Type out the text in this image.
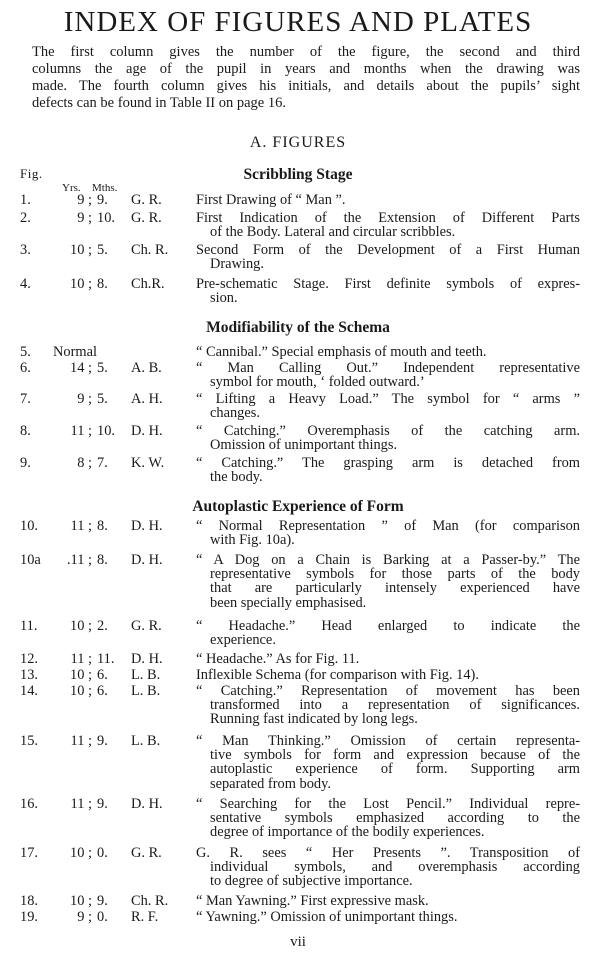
INDEX OF FIGURES AND PLATES

The first column gives the number of the figure, the second and third
columns the age of the pupil in years and months when the drawing was
made. The fourth column gives his initials, and details about the pupils’ sight
defects can be found in Table II on page 16.

A. FIGURES
Fig.
Yrs. Mths.
Scribbling Stage
1.	9 ; 9.	G. R.	First Drawing of “ Man ”.
2.	9 ; 10.	G. R.	First Indication of the Extension of Different Parts
of the Body. Lateral and circular scribbles.
3.	10 ; 5.	Ch. R.	Second Form of the Development of a First Human
Drawing.
4.	10 ; 8.	Ch.R.	Pre-schematic Stage. First definite symbols of expres-
sion.
Modifiability of the Schema
5.	Normal	“ Cannibal.” Special emphasis of mouth and teeth.
6.	14 ; 5.	A. B.	“ Man Calling Out.” Independent representative
symbol for mouth, ‘ folded outward.’
7.	9 ; 5.	A. H.	“ Lifting a Heavy Load.” The symbol for “ arms ”
changes.
8.	11 ; 10.	D. H.	“ Catching.” Overemphasis of the catching arm.
Omission of unimportant things.
9.	8 ; 7.	K. W.	“ Catching.” The grasping arm is detached from
the body.
Autoplastic Experience of Form
10.	11 ; 8.	D. H.	“ Normal Representation ” of Man (for comparison
with Fig. 10a).
10a	.11 ; 8.	D. H.	“ A Dog on a Chain is Barking at a Passer-by.” The
representative symbols for those parts of the body
that are particularly intensely experienced have
been specially emphasised.
11.	10 ; 2.	G. R.	“ Headache.” Head enlarged to indicate the
experience.
12.	11 ; 11.	D. H.	“ Headache.” As for Fig. 11.
13.	10 ; 6.	L. B.	Inflexible Schema (for comparison with Fig. 14).
14.	10 ; 6.	L. B.	“ Catching.” Representation of movement has been
transformed into a representation of significances.
Running fast indicated by long legs.
15.	11 ; 9.	L. B.	“ Man Thinking.” Omission of certain representa-
tive symbols for form and expression because of the
autoplastic experience of form. Supporting arm
separated from body.
16.	11 ; 9.	D. H.	“ Searching for the Lost Pencil.” Individual repre-
sentative symbols emphasized according to the
degree of importance of the bodily experiences.
17.	10 ; 0.	G. R.	G. R. sees “ Her Presents ”. Transposition of
individual symbols, and overemphasis according
to degree of subjective importance.
18.	10 ; 9.	Ch. R.	“ Man Yawning.” First expressive mask.
19.	9 ; 0.	R. F.	“ Yawning.” Omission of unimportant things.
vii
